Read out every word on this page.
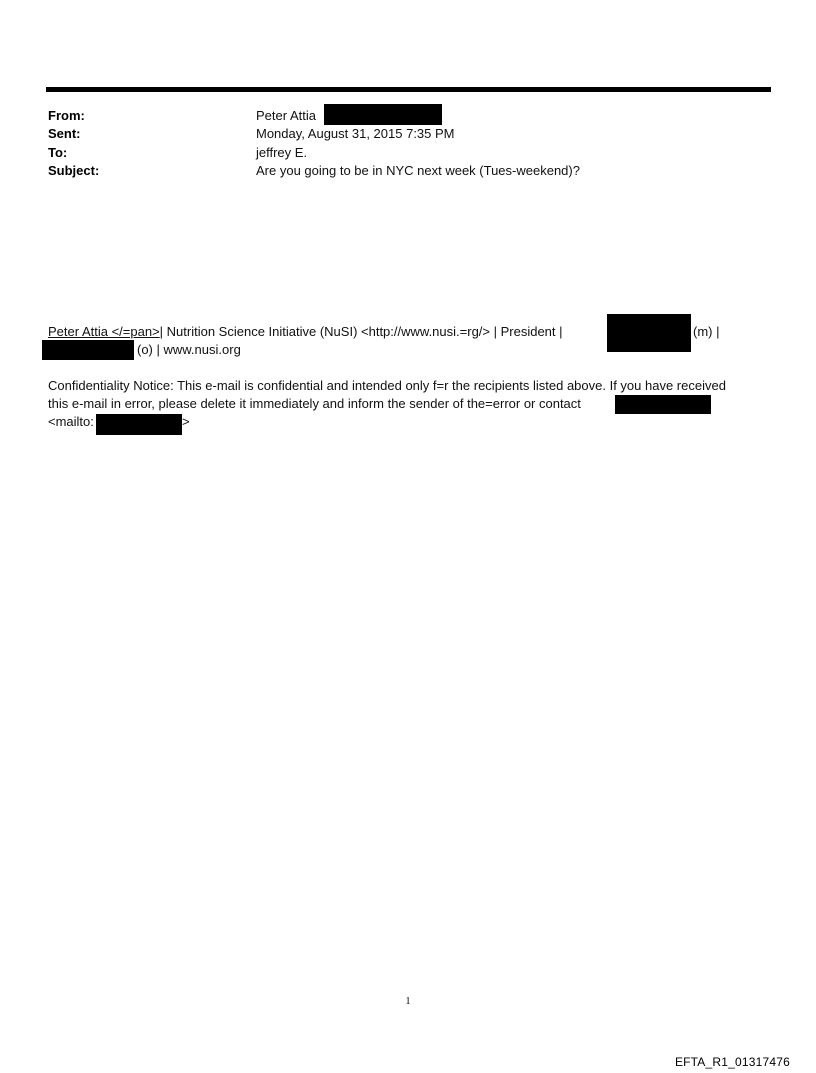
From:	Peter Attia
Sent:	Monday, August 31, 2015 7:35 PM
To:	jeffrey E.
Subject:	Are you going to be in NYC next week (Tues-weekend)?
Peter Attia </=pan>| Nutrition Science Initiative (NuSI) <http://www.nusi.=rg/> | President |	(m) |
(o) | www.nusi.org
Confidentiality Notice: This e-mail is confidential and intended only f=r the recipients listed above. If you have received
this e-mail in error, please delete it immediately and inform the sender of the=error or contact
<mailto:	>
1
EFTA_R1_01317476
